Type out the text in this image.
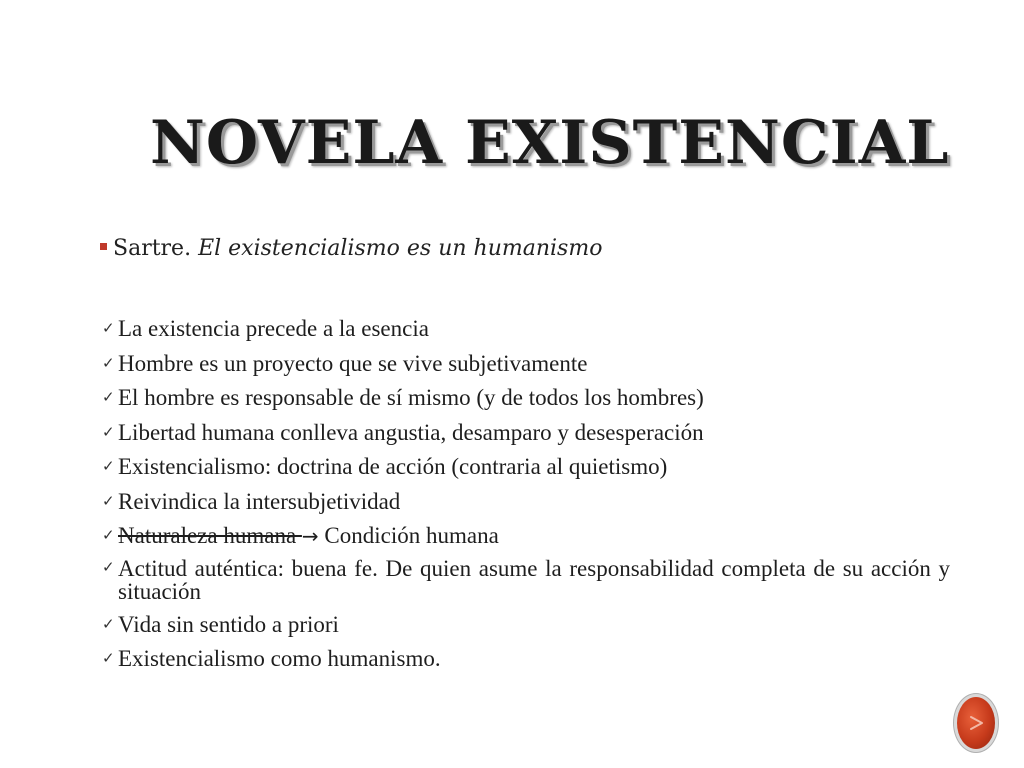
NOVELA EXISTENCIAL
Sartre. El existencialismo es un humanismo
✓ La existencia precede a la esencia
✓ Hombre es un proyecto que se vive subjetivamente
✓ El hombre es responsable de sí mismo (y de todos los hombres)
✓ Libertad humana conlleva angustia, desamparo y desesperación
✓ Existencialismo: doctrina de acción (contraria al quietismo)
✓ Reivindica la intersubjetividad
✓ Naturaleza humana → Condición humana
✓ Actitud auténtica: buena fe. De quien asume la responsabilidad completa de su acción y situación
✓ Vida sin sentido a priori
✓ Existencialismo como humanismo.
